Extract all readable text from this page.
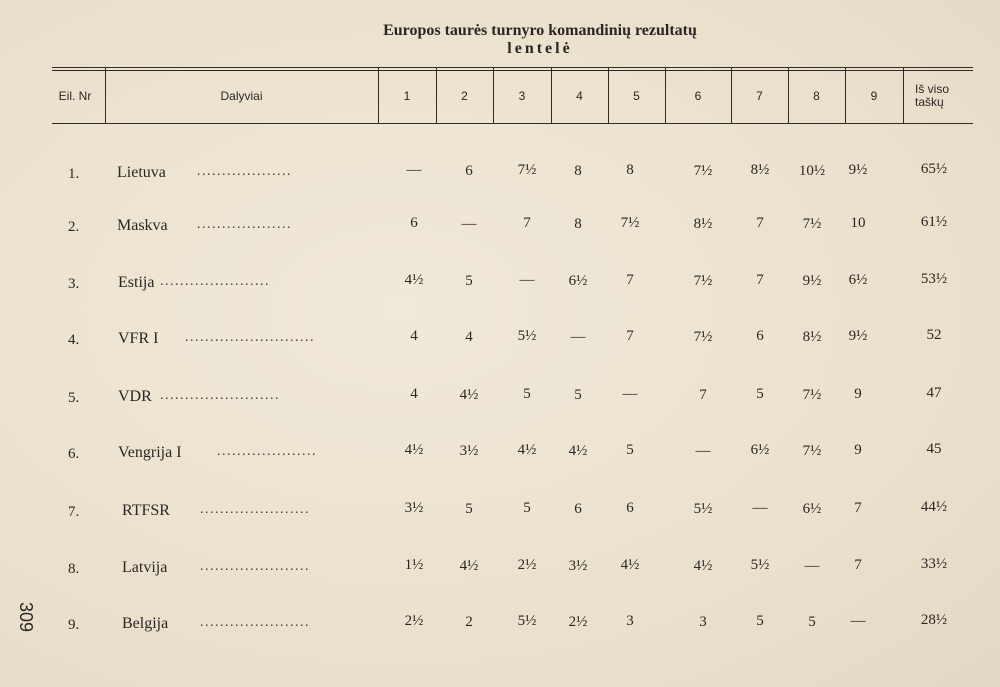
Europos taurės turnyro komandinių rezultatų
lentelė
Eil. Nr	Dalyviai	1	2	3	4	5	6	7	8	9	Iš viso taškų
1. Lietuva ...................	—	6	7½	8	8	7½	8½	10½	9½	65½
2. Maskva ...................	6	—	7	8	7½	8½	7	7½	10	61½
3. Estija ......................	4½	5	—	6½	7	7½	7	9½	6½	53½
4. VFR I ..........................	4	4	5½	—	7	7½	6	8½	9½	52
5. VDR ........................	4	4½	5	5	—	7	5	7½	9	47
6. Vengrija I	....................	4½	3½	4½	4½	5	—	6½	7½	9	45
7.	RTFSR ......................	3½	5	5	6	6	5½	—	6½	7	44½
8.	Latvija ......................	1½	4½	2½	3½	4½	4½	5½	—	7	33½
9.	Belgija ......................	2½	2	5½	2½	3	3	5	5	—	28½
309
